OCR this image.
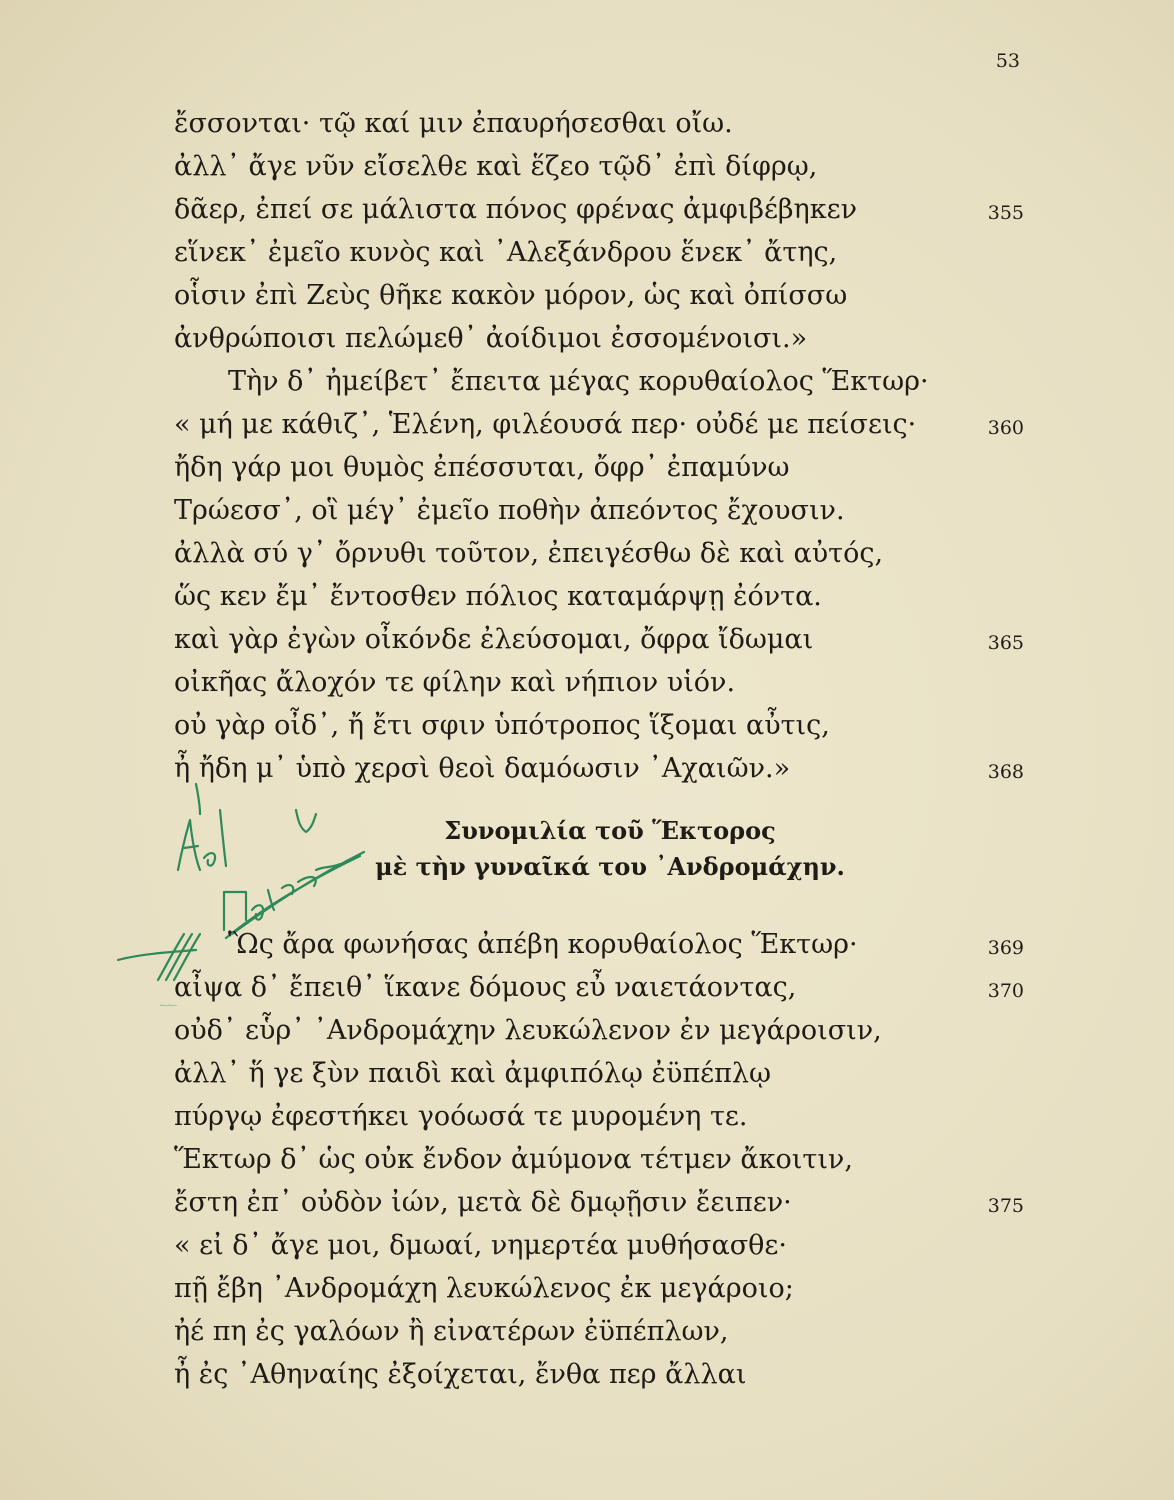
53
ἔσσονται· τῷ καί μιν ἐπαυρήσεσθαι οἴω.
ἀλλ᾽ ἄγε νῦν εἴσελθε καὶ ἕζεο τῷδ᾽ ἐπὶ δίφρῳ,
δᾶερ, ἐπεί σε μάλιστα πόνος φρένας ἀμφιβέβηκεν	355
εἵνεκ᾽ ἐμεῖο κυνὸς καὶ ᾽Αλεξάνδρου ἕνεκ᾽ ἄτης,
οἷσιν ἐπὶ Ζεὺς θῆκε κακὸν μόρον, ὡς καὶ ὀπίσσω
ἀνθρώποισι πελώμεθ᾽ ἀοίδιμοι ἐσσομένοισι.»
Τὴν δ᾽ ἠμείβετ᾽ ἔπειτα μέγας κορυθαίολος Ἕκτωρ·
« μή με κάθιζ᾽, Ἑλένη, φιλέουσά περ· οὐδέ με πείσεις·	360
ἤδη γάρ μοι θυμὸς ἐπέσσυται, ὄφρ᾽ ἐπαμύνω
Τρώεσσ᾽, οἳ μέγ᾽ ἐμεῖο ποθὴν ἀπεόντος ἔχουσιν.
ἀλλὰ σύ γ᾽ ὄρνυθι τοῦτον, ἐπειγέσθω δὲ καὶ αὐτός,
ὥς κεν ἔμ᾽ ἔντοσθεν πόλιος καταμάρψῃ ἐόντα.
καὶ γὰρ ἐγὼν οἶκόνδε ἐλεύσομαι, ὄφρα ἴδωμαι	365
οἰκῆας ἄλοχόν τε φίλην καὶ νήπιον υἱόν.
οὐ γὰρ οἶδ᾽, ἤ ἔτι σφιν ὑπότροπος ἵξομαι αὖτις,
ἦ ἤδη μ᾽ ὑπὸ χερσὶ θεοὶ δαμόωσιν ᾽Αχαιῶν.»	368
Συνομιλία τοῦ Ἕκτορος
μὲ τὴν γυναῖκά του ᾽Ανδρομάχην.
Μέσα ἡ Παίγνια
Ὣς ἄρα φωνήσας ἀπέβη κορυθαίολος Ἕκτωρ·	369
αἶψα δ᾽ ἔπειθ᾽ ἵκανε δόμους εὖ ναιετάοντας,	370
οὐδ᾽ εὗρ᾽ ᾽Ανδρομάχην λευκώλενον ἐν μεγάροισιν,
ἀλλ᾽ ἥ γε ξὺν παιδὶ καὶ ἀμφιπόλῳ ἐϋπέπλῳ
πύργῳ ἐφεστήκει γοόωσά τε μυρομένη τε.
Ἕκτωρ δ᾽ ὡς οὐκ ἔνδον ἀμύμονα τέτμεν ἄκοιτιν,
ἔστη ἐπ᾽ οὐδὸν ἰών, μετὰ δὲ δμῳῇσιν ἔειπεν·	375
« εἰ δ᾽ ἄγε μοι, δμωαί, νημερτέα μυθήσασθε·
πῇ ἔβη ᾽Ανδρομάχη λευκώλενος ἐκ μεγάροιο;
ἠέ πη ἐς γαλόων ἢ εἰνατέρων ἐϋπέπλων,
ἦ ἐς ᾽Αθηναίης ἐξοίχεται, ἔνθα περ ἄλλαι
